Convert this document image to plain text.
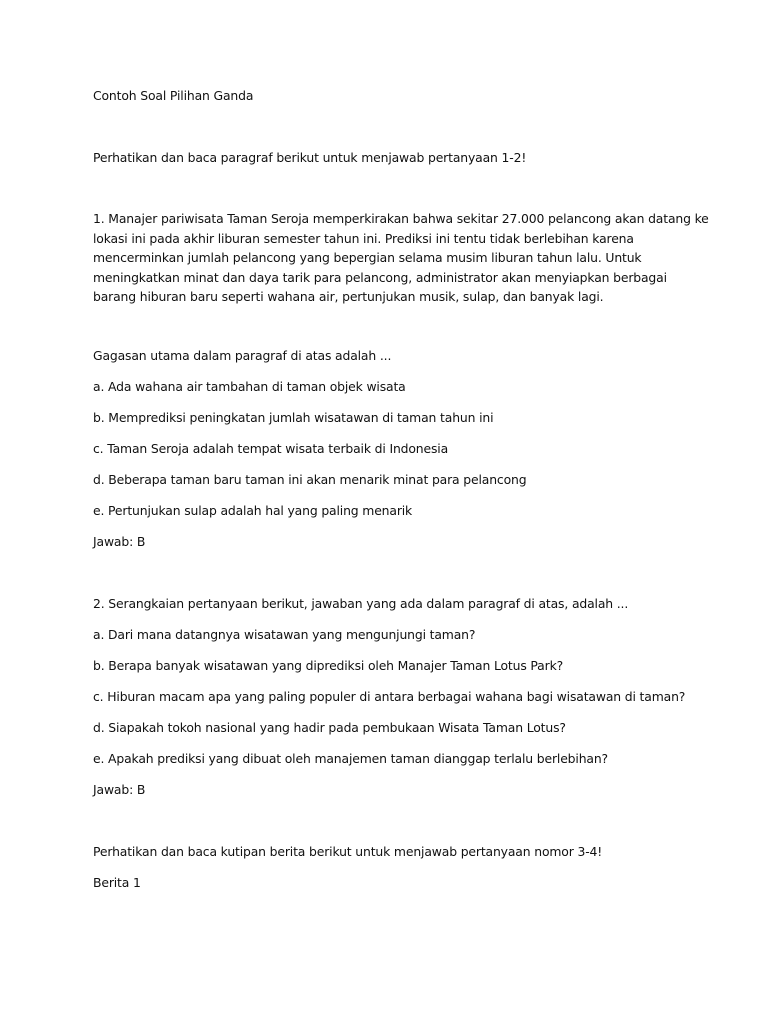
Contoh Soal Pilihan Ganda
Perhatikan dan baca paragraf berikut untuk menjawab pertanyaan 1-2!
1. Manajer pariwisata Taman Seroja memperkirakan bahwa sekitar 27.000 pelancong akan datang ke
lokasi ini pada akhir liburan semester tahun ini. Prediksi ini tentu tidak berlebihan karena
mencerminkan jumlah pelancong yang bepergian selama musim liburan tahun lalu. Untuk
meningkatkan minat dan daya tarik para pelancong, administrator akan menyiapkan berbagai
barang hiburan baru seperti wahana air, pertunjukan musik, sulap, dan banyak lagi.
Gagasan utama dalam paragraf di atas adalah ...
a. Ada wahana air tambahan di taman objek wisata
b. Memprediksi peningkatan jumlah wisatawan di taman tahun ini
c. Taman Seroja adalah tempat wisata terbaik di Indonesia
d. Beberapa taman baru taman ini akan menarik minat para pelancong
e. Pertunjukan sulap adalah hal yang paling menarik
Jawab: B
2. Serangkaian pertanyaan berikut, jawaban yang ada dalam paragraf di atas, adalah ...
a. Dari mana datangnya wisatawan yang mengunjungi taman?
b. Berapa banyak wisatawan yang diprediksi oleh Manajer Taman Lotus Park?
c. Hiburan macam apa yang paling populer di antara berbagai wahana bagi wisatawan di taman?
d. Siapakah tokoh nasional yang hadir pada pembukaan Wisata Taman Lotus?
e. Apakah prediksi yang dibuat oleh manajemen taman dianggap terlalu berlebihan?
Jawab: B
Perhatikan dan baca kutipan berita berikut untuk menjawab pertanyaan nomor 3-4!
Berita 1
